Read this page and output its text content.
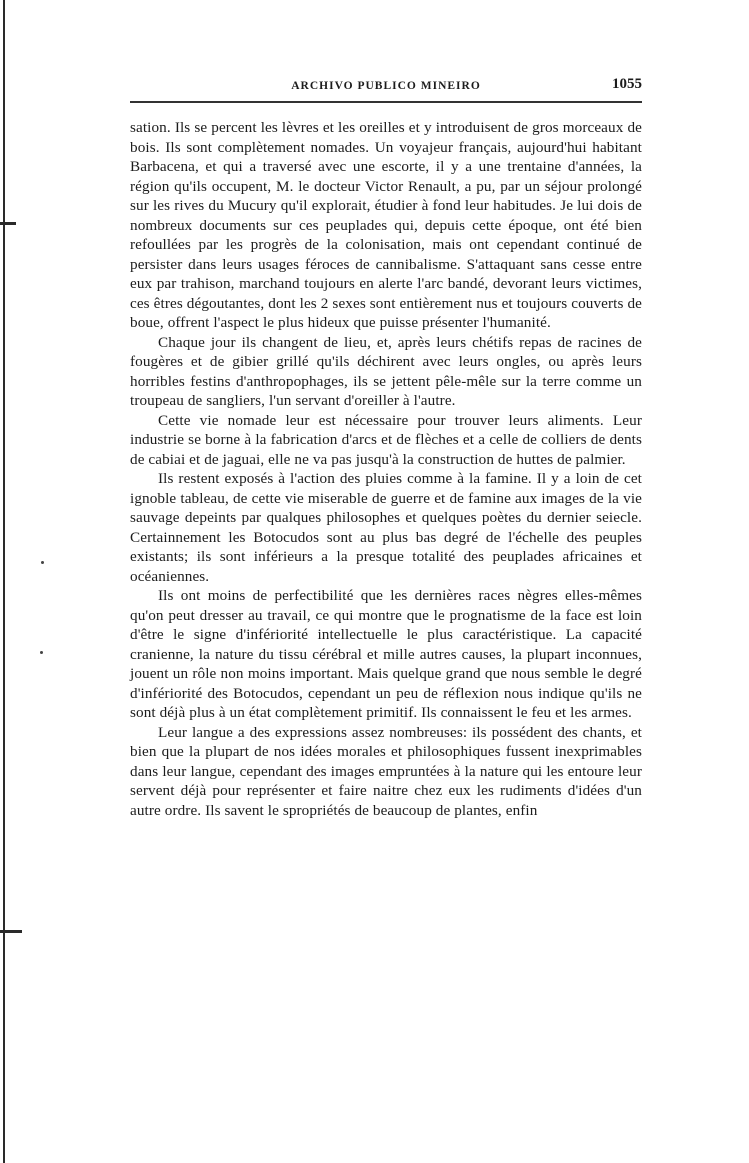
ARCHIVO PUBLICO MINEIRO	1055

sation. Ils se percent les lèvres et les oreilles et y introduisent de gros morceaux de bois. Ils sont complètement nomades. Un voyajeur français, aujourd'hui habitant Barbacena, et qui a traversé avec une escorte, il y a une trentaine d'années, la région qu'ils occupent, M. le docteur Victor Renault, a pu, par un séjour prolongé sur les rives du Mucury qu'il explorait, étudier à fond leur habitudes. Je lui dois de nombreux documents sur ces peuplades qui, depuis cette époque, ont été bien refoullées par les progrès de la colonisation, mais ont cependant continué de persister dans leurs usages féroces de cannibalisme. S'attaquant sans cesse entre eux par trahison, marchand toujours en alerte l'arc bandé, devorant leurs victimes, ces êtres dégoutantes, dont les 2 sexes sont entièrement nus et toujours couverts de boue, offrent l'aspect le plus hideux que puisse présenter l'humanité.

Chaque jour ils changent de lieu, et, après leurs chétifs repas de racines de fougères et de gibier grillé qu'ils déchirent avec leurs ongles, ou après leurs horribles festins d'anthropophages, ils se jettent pêle-mêle sur la terre comme un troupeau de sangliers, l'un servant d'oreiller à l'autre.

Cette vie nomade leur est nécessaire pour trouver leurs aliments. Leur industrie se borne à la fabrication d'arcs et de flèches et a celle de colliers de dents de cabiai et de jaguai, elle ne va pas jusqu'à la construction de huttes de palmier.

Ils restent exposés à l'action des pluies comme à la famine. Il y a loin de cet ignoble tableau, de cette vie miserable de guerre et de famine aux images de la vie sauvage depeints par qualques philosophes et quelques poètes du dernier seiecle. Certainnement les Botocudos sont au plus bas degré de l'échelle des peuples existants; ils sont inférieurs a la presque totalité des peuplades africaines et océaniennes.

Ils ont moins de perfectibilité que les dernières races nègres elles-mêmes qu'on peut dresser au travail, ce qui montre que le prognatisme de la face est loin d'être le signe d'infériorité intellectuelle le plus caractéristique. La capacité cranienne, la nature du tissu cérébral et mille autres causes, la plupart inconnues, jouent un rôle non moins important. Mais quelque grand que nous semble le degré d'infériorité des Botocudos, cependant un peu de réflexion nous indique qu'ils ne sont déjà plus à un état complètement primitif. Ils connaissent le feu et les armes.

Leur langue a des expressions assez nombreuses: ils possédent des chants, et bien que la plupart de nos idées morales et philosophiques fussent inexprimables dans leur langue, cependant des images empruntées à la nature qui les entoure leur servent déjà pour représenter et faire naitre chez eux les rudiments d'idées d'un autre ordre. Ils savent le spropriétés de beaucoup de plantes, enfin
